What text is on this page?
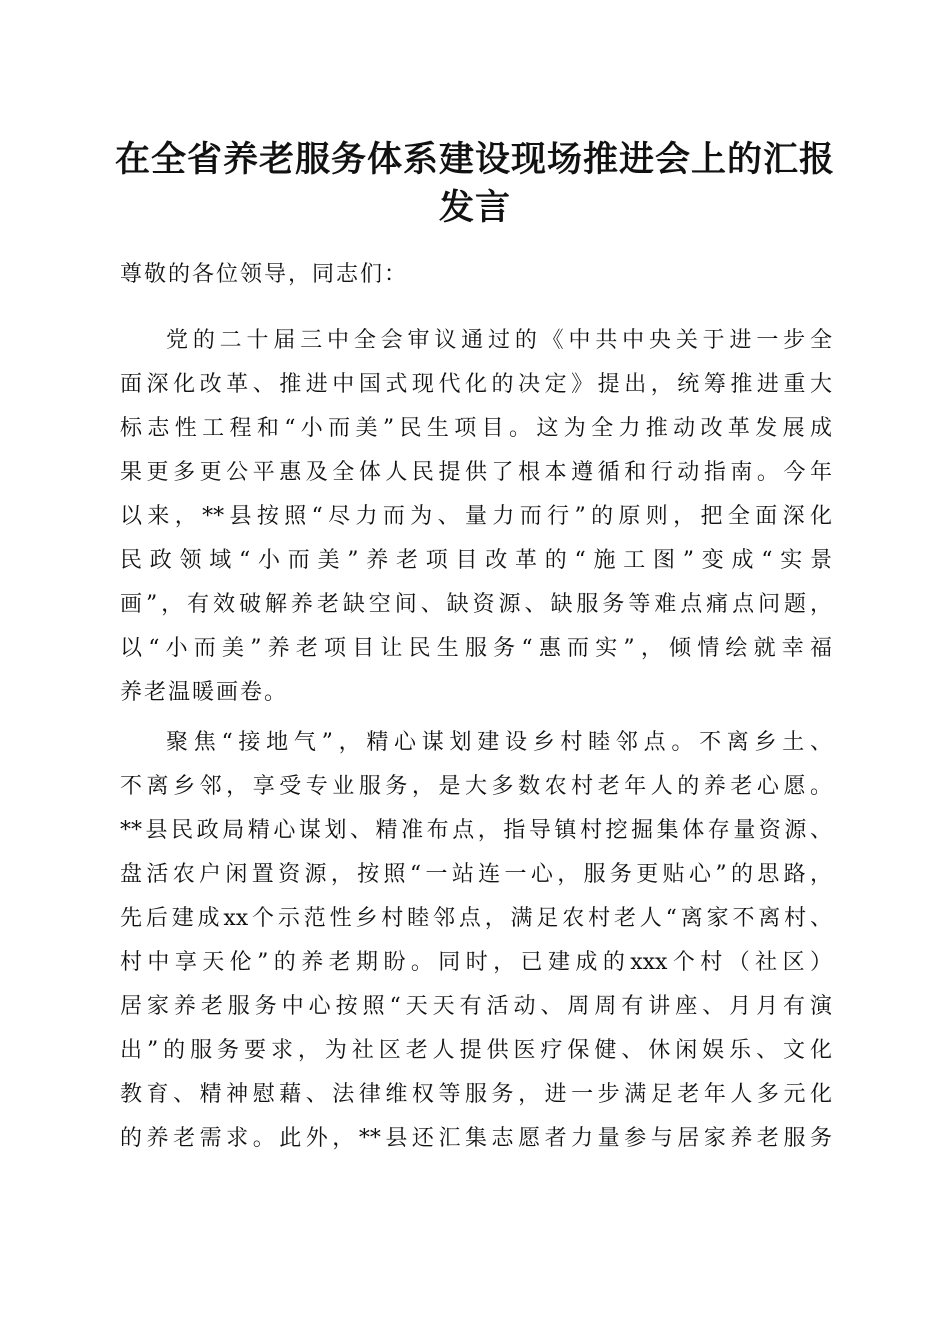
在全省养老服务体系建设现场推进会上的汇报
发言

尊敬的各位领导，同志们：

党的二十届三中全会审议通过的《中共中央关于进一步全

面深化改革、推进中国式现代化的决定》提出，统筹推进重大

标志性工程和“小而美”民生项目。这为全力推动改革发展成

果更多更公平惠及全体人民提供了根本遵循和行动指南。今年

以来，**县按照“尽力而为、量力而行”的原则，把全面深化

民政领域“小而美”养老项目改革的“施工图”变成“实景

画”，有效破解养老缺空间、缺资源、缺服务等难点痛点问题，

以“小而美”养老项目让民生服务“惠而实”，倾情绘就幸福

养老温暖画卷。

聚焦“接地气”，精心谋划建设乡村睦邻点。不离乡土、

不离乡邻，享受专业服务，是大多数农村老年人的养老心愿。

**县民政局精心谋划、精准布点，指导镇村挖掘集体存量资源、

盘活农户闲置资源，按照“一站连一心，服务更贴心”的思路，

先后建成xx个示范性乡村睦邻点，满足农村老人“离家不离村、

村中享天伦”的养老期盼。同时，已建成的xxx个村（社区）

居家养老服务中心按照“天天有活动、周周有讲座、月月有演

出”的服务要求，为社区老人提供医疗保健、休闲娱乐、文化

教育、精神慰藉、法律维权等服务，进一步满足老年人多元化

的养老需求。此外，**县还汇集志愿者力量参与居家养老服务
